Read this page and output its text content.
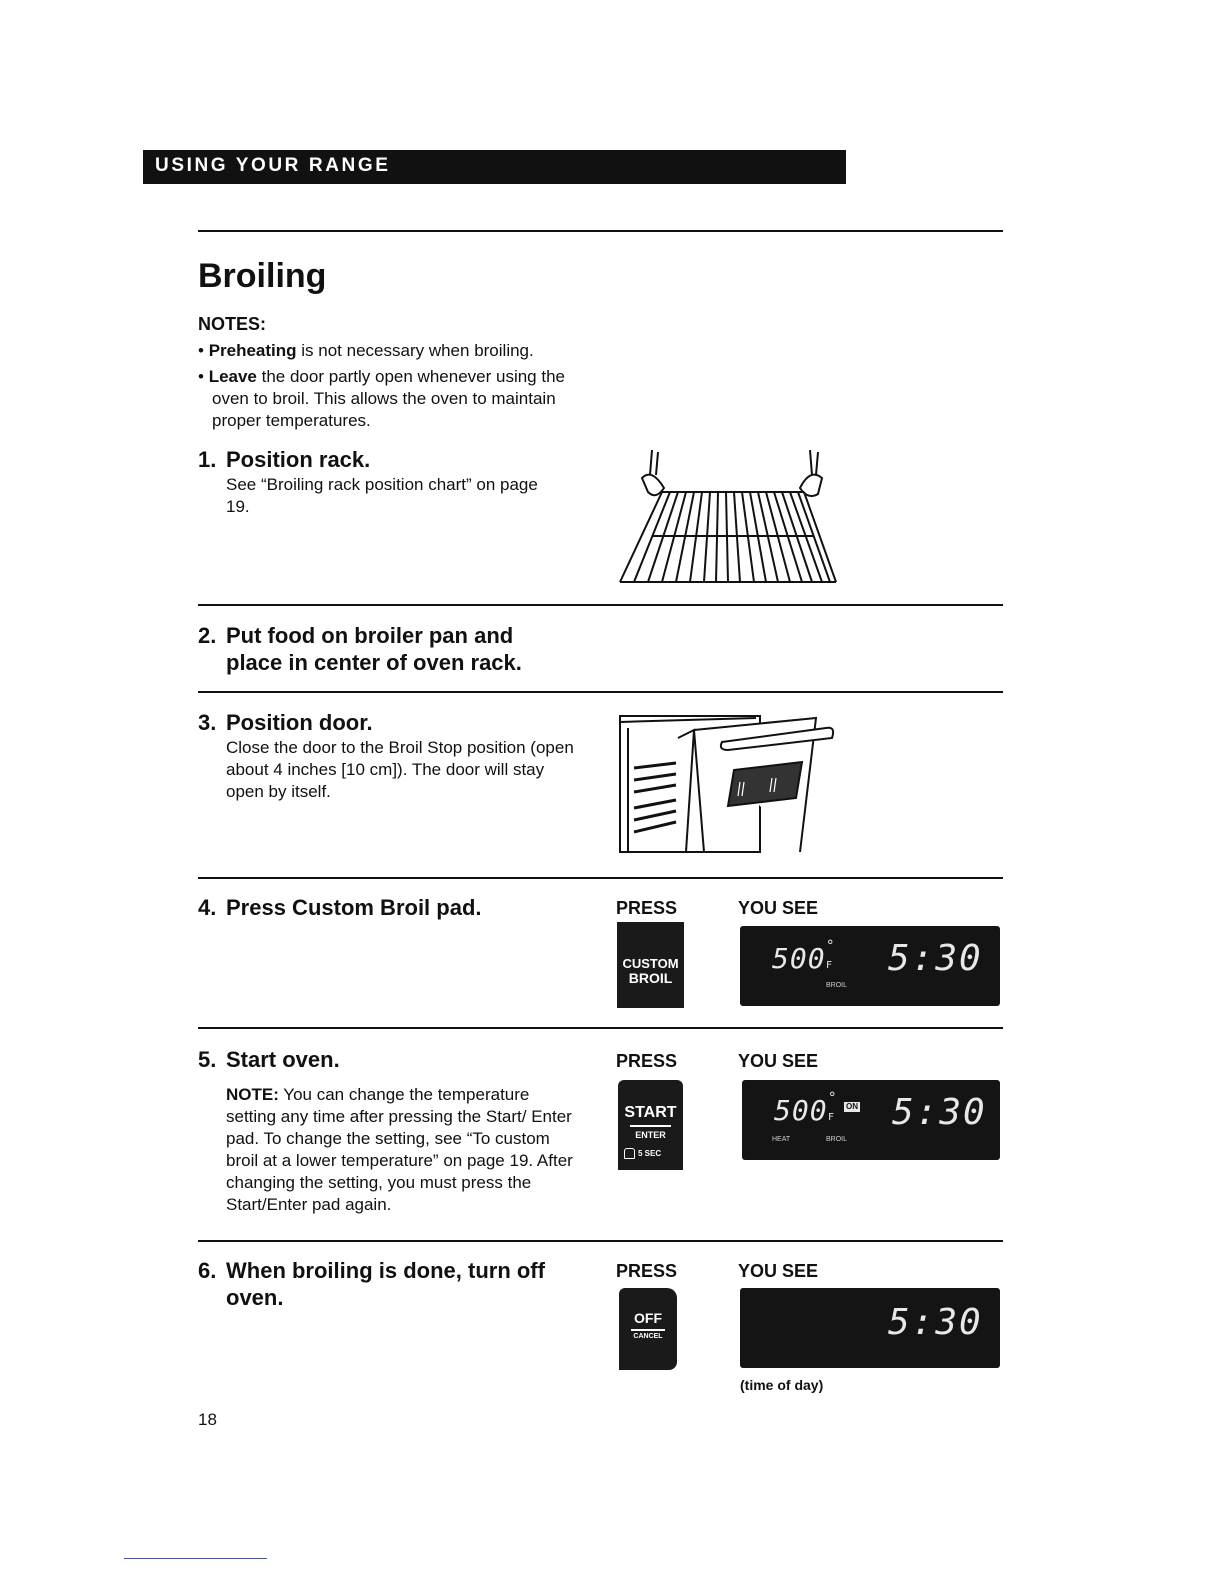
USING YOUR RANGE
Broiling
NOTES:
• Preheating is not necessary when broiling.
• Leave the door partly open whenever using the oven to broil. This allows the oven to maintain proper temperatures.
1. Position rack.
See “Broiling rack position chart” on page 19.
2. Put food on broiler pan and place in center of oven rack.
3. Position door.
Close the door to the Broil Stop position (open about 4 inches [10 cm]). The door will stay open by itself.
4. Press Custom Broil pad.	PRESS	YOU SEE
CUSTOM
BROIL
500 °
F 5:30
BROIL
5. Start oven.
NOTE: You can change the temperature setting any time after pressing the Start/ Enter pad. To change the setting, see “To custom broil at a lower temperature” on page 19. After changing the setting, you must press the Start/Enter pad again.
PRESS	YOU SEE
START
ENTER
5 SEC
500 °
F
ON 5:30
HEAT	BROIL
6. When broiling is done, turn off oven.
PRESS	YOU SEE
OFF
CANCEL	5:30
(time of day)
18
